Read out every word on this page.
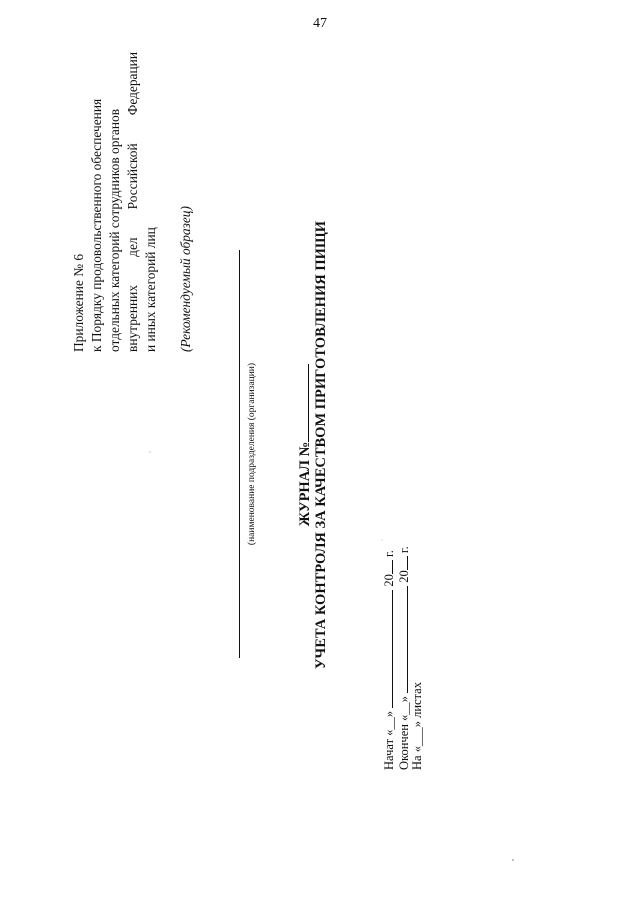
47
Приложение № 6 к Порядку продовольственного обеспечения отдельных категорий сотрудников органов внутренних дел Российской Федерации и иных категорий лиц (Рекомендуемый образец)
(наименование подразделения (организации)	ЖУРНАЛ № УЧЕТА КОНТРОЛЯ ЗА КАЧЕСТВОМ ПРИГОТОВЛЕНИЯ ПИЩИ
Начат «__»  20 г.
Окончен «__»  20 г.
На «___» листах
